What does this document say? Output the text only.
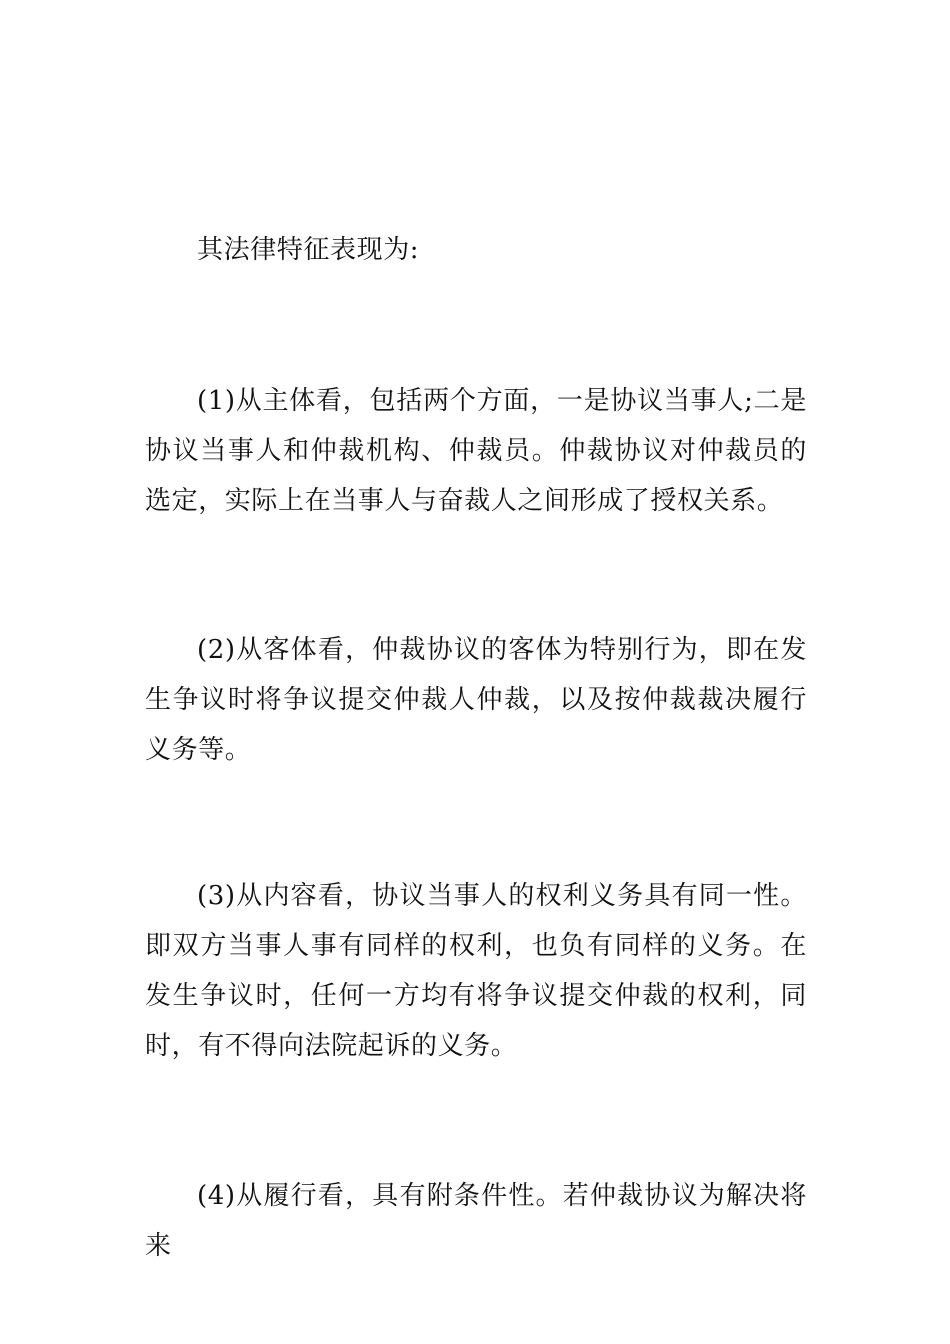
其法律特征表现为:

(1)从主体看，包括两个方面，一是协议当事人;二是协议当事人和仲裁机构、仲裁员。仲裁协议对仲裁员的选定，实际上在当事人与奋裁人之间形成了授权关系。

(2)从客体看，仲裁协议的客体为特别行为，即在发生争议时将争议提交仲裁人仲裁，以及按仲裁裁决履行义务等。

(3)从内容看，协议当事人的权利义务具有同一性。即双方当事人事有同样的权利，也负有同样的义务。在发生争议时，任何一方均有将争议提交仲裁的权利，同时，有不得向法院起诉的义务。

(4)从履行看，具有附条件性。若仲裁协议为解决将来
